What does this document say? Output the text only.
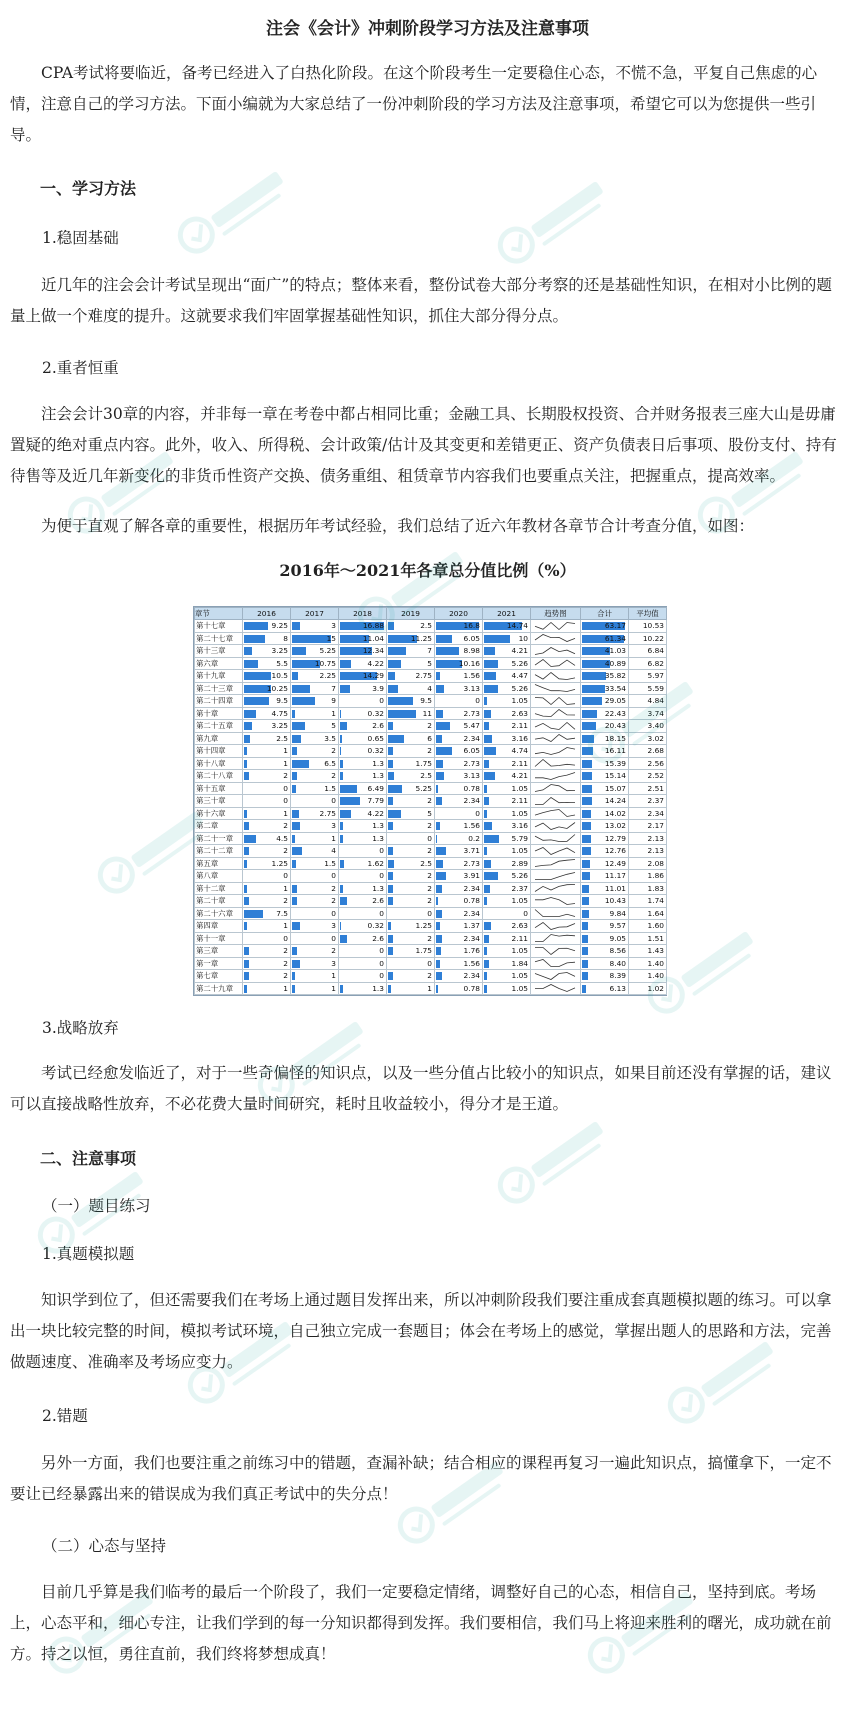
注会《会计》冲刺阶段学习方法及注意事项
CPA考试将要临近，备考已经进入了白热化阶段。在这个阶段考生一定要稳住心态，不慌不急，平复自己焦虑的心情，注意自己的学习方法。下面小编就为大家总结了一份冲刺阶段的学习方法及注意事项，希望它可以为您提供一些引导。
一、学习方法
1.稳固基础
近几年的注会会计考试呈现出“面广”的特点；整体来看，整份试卷大部分考察的还是基础性知识，在相对小比例的题量上做一个难度的提升。这就要求我们牢固掌握基础性知识，抓住大部分得分点。
2.重者恒重
注会会计30章的内容，并非每一章在考卷中都占相同比重；金融工具、长期股权投资、合并财务报表三座大山是毋庸置疑的绝对重点内容。此外，收入、所得税、会计政策/估计及其变更和差错更正、资产负债表日后事项、股份支付、持有待售等及近几年新变化的非货币性资产交换、债务重组、租赁章节内容我们也要重点关注，把握重点，提高效率。
为便于直观了解各章的重要性，根据历年考试经验，我们总结了近六年教材各章节合计考查分值，如图：
2016年～2021年各章总分值比例（%）
章节	2016	2017	2018	2019	2020	2021	趋势图	合计	平均值
第十七章	9.25	3	16.88	2.5	16.8	14.74		63.17	10.53
第二十七章	8	15	11.04	11.25	6.05	10		61.34	10.22
第十三章	3.25	5.25	12.34	7	8.98	4.21		41.03	6.84
第六章	5.5	10.75	4.22	5	10.16	5.26		40.89	6.82
第十九章	10.5	2.25	14.29	2.75	1.56	4.47		35.82	5.97
第二十三章	10.25	7	3.9	4	3.13	5.26		33.54	5.59
第二十四章	9.5	9	0	9.5	0	1.05		29.05	4.84
第十章	4.75	1	0.32	11	2.73	2.63		22.43	3.74
第二十五章	3.25	5	2.6	2	5.47	2.11		20.43	3.40
第九章	2.5	3.5	0.65	6	2.34	3.16		18.15	3.02
第十四章	1	2	0.32	2	6.05	4.74		16.11	2.68
第十八章	1	6.5	1.3	1.75	2.73	2.11		15.39	2.56
第二十八章	2	2	1.3	2.5	3.13	4.21		15.14	2.52
第十五章	0	1.5	6.49	5.25	0.78	1.05		15.07	2.51
第三十章	0	0	7.79	2	2.34	2.11		14.24	2.37
第十六章	1	2.75	4.22	5	0	1.05		14.02	2.34
第二章	2	3	1.3	2	1.56	3.16		13.02	2.17
第二十一章	4.5	1	1.3	0	0.2	5.79		12.79	2.13
第二十二章	2	4	0	2	3.71	1.05		12.76	2.13
第五章	1.25	1.5	1.62	2.5	2.73	2.89		12.49	2.08
第八章	0	0	0	2	3.91	5.26		11.17	1.86
第十二章	1	2	1.3	2	2.34	2.37		11.01	1.83
第二十章	2	2	2.6	2	0.78	1.05		10.43	1.74
第二十六章	7.5	0	0	0	2.34	0		9.84	1.64
第四章	1	3	0.32	1.25	1.37	2.63		9.57	1.60
第十一章	0	0	2.6	2	2.34	2.11		9.05	1.51
第三章	2	2	0	1.75	1.76	1.05		8.56	1.43
第一章	2	3	0	0	1.56	1.84		8.40	1.40
第七章	2	1	0	2	2.34	1.05		8.39	1.40
第二十九章	1	1	1.3	1	0.78	1.05		6.13	1.02
3.战略放弃
考试已经愈发临近了，对于一些奇偏怪的知识点，以及一些分值占比较小的知识点，如果目前还没有掌握的话，建议可以直接战略性放弃，不必花费大量时间研究，耗时且收益较小，得分才是王道。
二、注意事项
（一）题目练习
1.真题模拟题
知识学到位了，但还需要我们在考场上通过题目发挥出来，所以冲刺阶段我们要注重成套真题模拟题的练习。可以拿出一块比较完整的时间，模拟考试环境，自己独立完成一套题目；体会在考场上的感觉，掌握出题人的思路和方法，完善做题速度、准确率及考场应变力。
2.错题
另外一方面，我们也要注重之前练习中的错题，查漏补缺；结合相应的课程再复习一遍此知识点，搞懂拿下，一定不要让已经暴露出来的错误成为我们真正考试中的失分点！
（二）心态与坚持
目前几乎算是我们临考的最后一个阶段了，我们一定要稳定情绪，调整好自己的心态，相信自己，坚持到底。考场上，心态平和，细心专注，让我们学到的每一分知识都得到发挥。我们要相信，我们马上将迎来胜利的曙光，成功就在前方。持之以恒，勇往直前，我们终将梦想成真！
